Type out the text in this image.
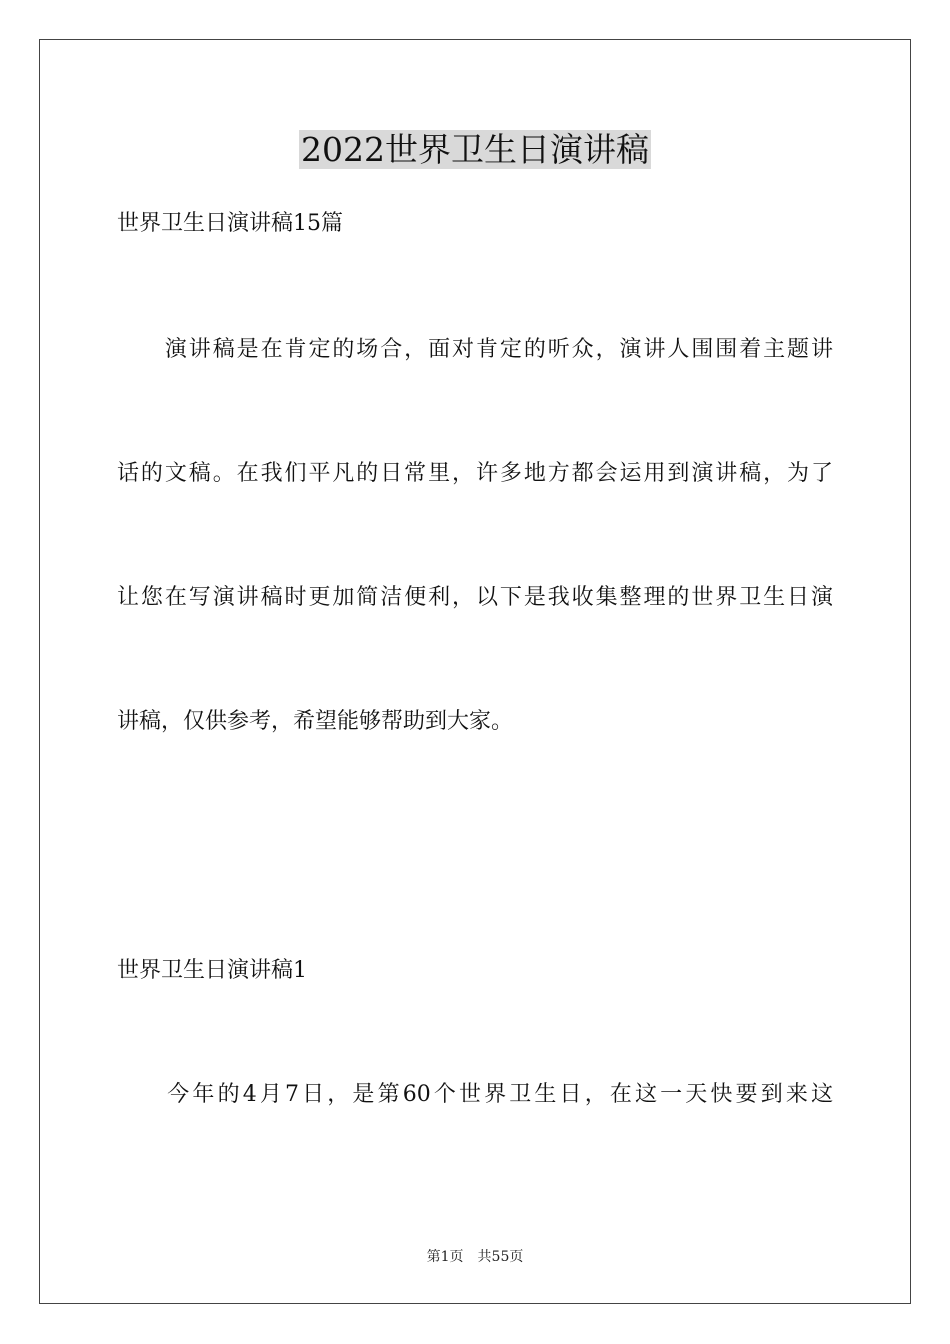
2022世界卫生日演讲稿
世界卫生日演讲稿15篇
　　演讲稿是在肯定的场合，面对肯定的听众，演讲人围围着主题讲
话的文稿。在我们平凡的日常里，许多地方都会运用到演讲稿，为了
让您在写演讲稿时更加简洁便利，以下是我收集整理的世界卫生日演
讲稿，仅供参考，希望能够帮助到大家。
世界卫生日演讲稿1
　　今年的4月7日，是第60个世界卫生日，在这一天快要到来这
第1页 共55页
